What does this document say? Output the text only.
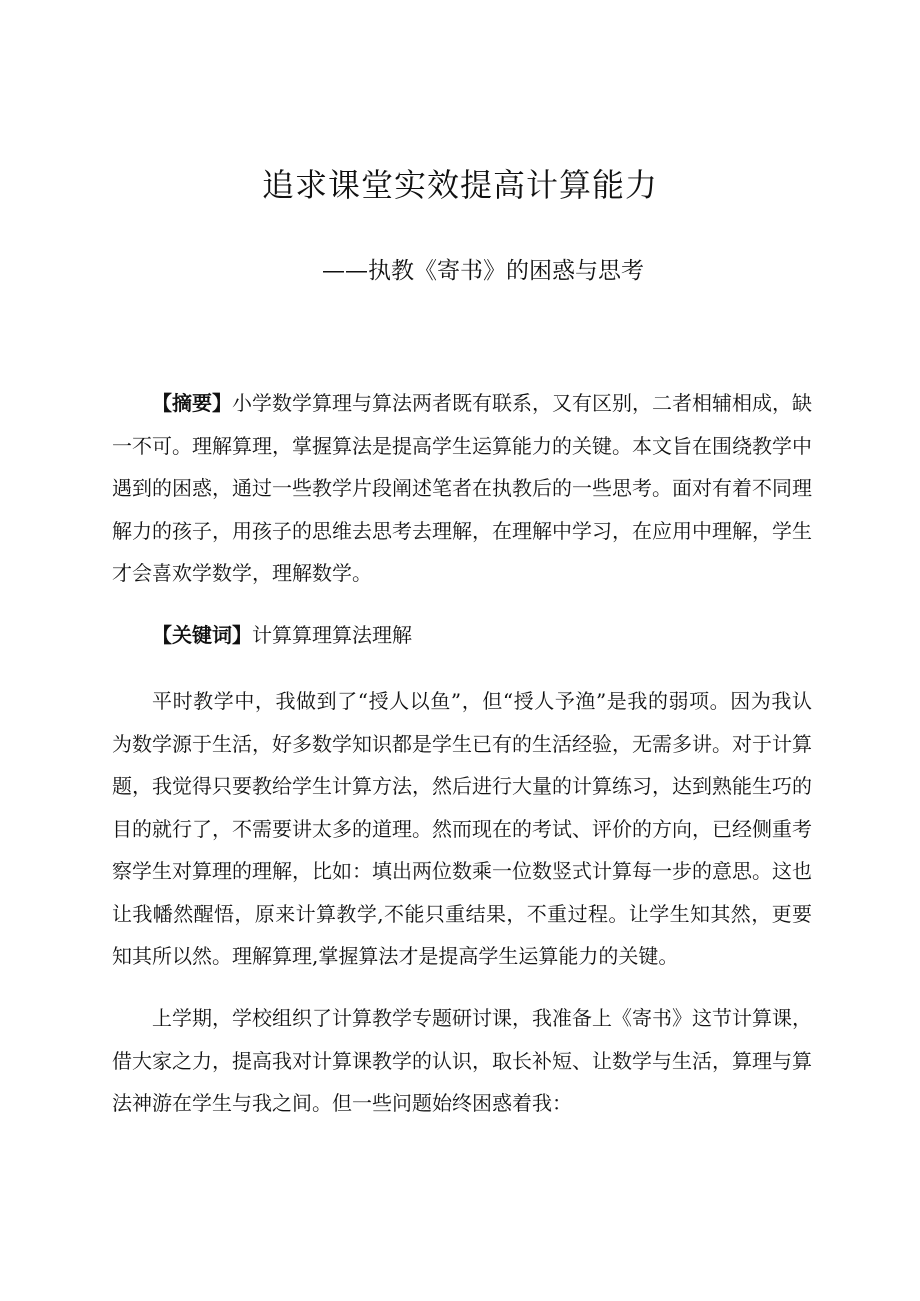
追求课堂实效提高计算能力
——执教《寄书》的困惑与思考

【摘要】小学数学算理与算法两者既有联系，又有区别，二者相辅相成，缺一不可。理解算理，掌握算法是提高学生运算能力的关键。本文旨在围绕教学中遇到的困惑，通过一些教学片段阐述笔者在执教后的一些思考。面对有着不同理解力的孩子，用孩子的思维去思考去理解，在理解中学习，在应用中理解，学生才会喜欢学数学，理解数学。

【关键词】计算算理算法理解

平时教学中，我做到了“授人以鱼”，但“授人予渔”是我的弱项。因为我认为数学源于生活，好多数学知识都是学生已有的生活经验，无需多讲。对于计算题，我觉得只要教给学生计算方法，然后进行大量的计算练习，达到熟能生巧的目的就行了，不需要讲太多的道理。然而现在的考试、评价的方向，已经侧重考察学生对算理的理解，比如：填出两位数乘一位数竖式计算每一步的意思。这也让我幡然醒悟，原来计算教学,不能只重结果，不重过程。让学生知其然，更要知其所以然。理解算理,掌握算法才是提高学生运算能力的关键。

上学期，学校组织了计算教学专题研讨课，我准备上《寄书》这节计算课，借大家之力，提高我对计算课教学的认识，取长补短、让数学与生活，算理与算法神游在学生与我之间。但一些问题始终困惑着我：
